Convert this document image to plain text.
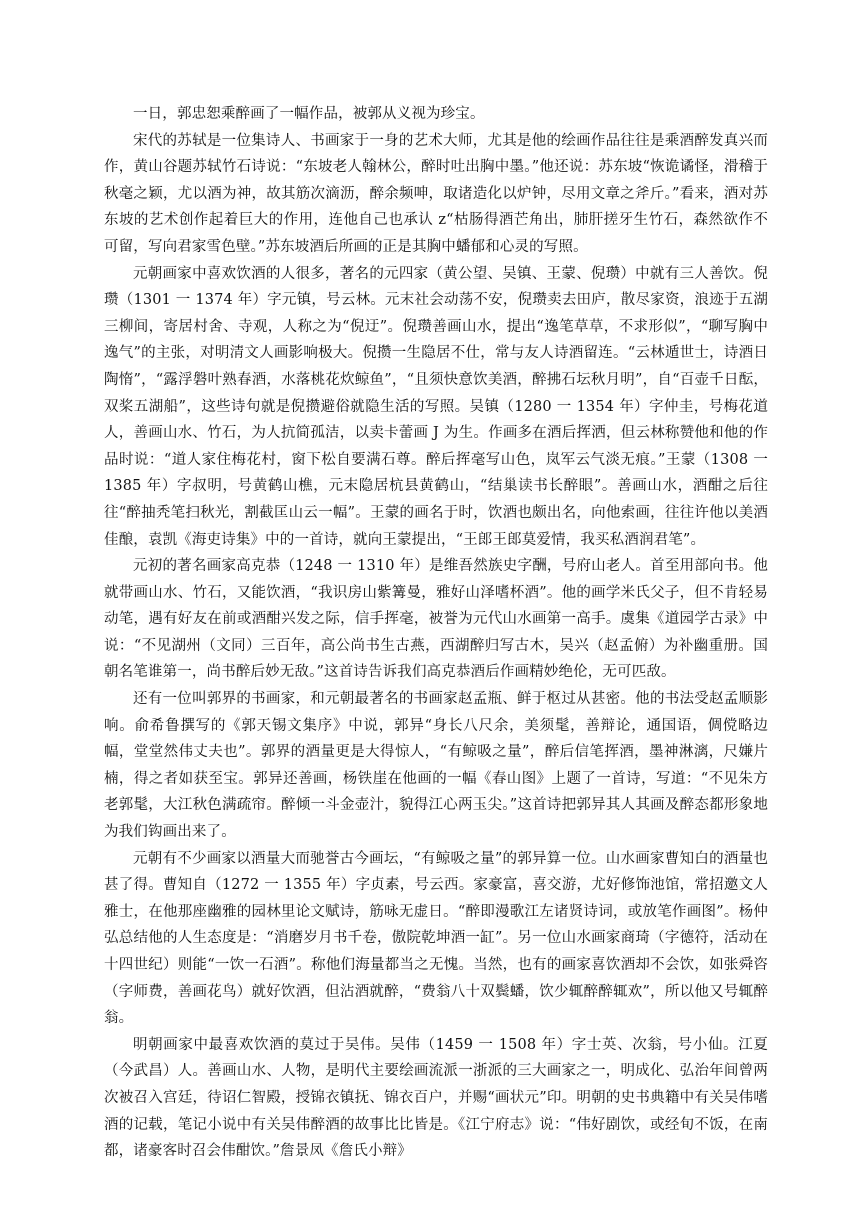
一日，郭忠恕乘醉画了一幅作品，被郭从义视为珍宝。

宋代的苏轼是一位集诗人、书画家于一身的艺术大师，尤其是他的绘画作品往往是乘酒醉发真兴而作，黄山谷题苏轼竹石诗说：“东坡老人翰林公，醉时吐出胸中墨。”他还说：苏东坡“恢诡谲怪，滑稽于秋毫之颖，尤以酒为神，故其筋次滴沥，醉余频呻，取诸造化以炉钟，尽用文章之斧斤。”看来，酒对苏东坡的艺术创作起着巨大的作用，连他自己也承认 z“枯肠得酒芒角出，肺肝搓牙生竹石，森然欲作不可留，写向君家雪色壁。”苏东坡酒后所画的正是其胸中蟠郁和心灵的写照。

元朝画家中喜欢饮酒的人很多，著名的元四家（黄公望、吴镇、王蒙、倪瓒）中就有三人善饮。倪瓒（1301 一 1374 年）字元镇，号云林。元末社会动荡不安，倪瓒卖去田庐，散尽家资，浪迹于五湖三柳间，寄居村舍、寺观，人称之为“倪迂”。倪瓒善画山水，提出“逸笔草草，不求形似”，“聊写胸中逸气”的主张，对明清文人画影响极大。倪攒一生隐居不仕，常与友人诗酒留连。“云林遁世士，诗酒日陶惰”，“露浮磐叶熟春酒，水落桃花炊鲸鱼”，“且须快意饮美酒，醉拂石坛秋月明”，自“百壶千日酝，双桨五湖船”，这些诗句就是倪攒避俗就隐生活的写照。吴镇（1280 一 1354 年）字仲圭，号梅花道人，善画山水、竹石，为人抗简孤洁，以卖卡蕾画 J 为生。作画多在酒后挥洒，但云林称赞他和他的作品时说：“道人家住梅花村，窗下松自要满石尊。醉后挥毫写山色，岚军云气淡无痕。”王蒙（1308 一 1385 年）字叔明，号黄鹤山樵，元末隐居杭县黄鹤山，“结巢读书长醉眼”。善画山水，酒酣之后往往“醉抽秃笔扫秋光，割截匡山云一幅”。王蒙的画名于时，饮酒也颇出名，向他索画，往往许他以美酒佳酿，袁凯《海吏诗集》中的一首诗，就向王蒙提出，“王郎王郎莫爱情，我买私酒润君笔”。

元初的著名画家高克恭（1248 一 1310 年）是维吾然族史字酬，号府山老人。首至用部向书。他就带画山水、竹石，又能饮酒，“我识房山紫篝曼，雅好山泽嗜杯酒”。他的画学米氏父子，但不肯轻易动笔，遇有好友在前或酒酣兴发之际，信手挥毫，被誉为元代山水画第一高手。虞集《道园学古录》中说：“不见湖州（文同）三百年，高公尚书生古燕，西湖醉归写古木，吴兴（赵孟俯）为补幽重册。国朝名笔谁第一，尚书醉后妙无敌。”这首诗告诉我们高克恭酒后作画精妙绝伦，无可匹敌。

还有一位叫郭界的书画家，和元朝最著名的书画家赵孟瓶、鲜于枢过从甚密。他的书法受赵孟顺影响。俞希鲁撰写的《郭天锡文集序》中说，郭异“身长八尺余，美须髦，善辩论，通国语，倜傥略边幅，堂堂然伟丈夫也”。郭界的酒量更是大得惊人，“有鲸吸之量”，醉后信笔挥酒，墨神淋漓，尺嫌片楠，得之者如获至宝。郭异还善画，杨铁崖在他画的一幅《春山图》上题了一首诗，写道：“不见朱方老郭髦，大江秋色满疏帘。醉倾一斗金壶汁，貌得江心两玉尖。”这首诗把郭异其人其画及醉态都形象地为我们钩画出来了。

元朝有不少画家以酒量大而驰誉古今画坛，“有鲸吸之量”的郭异算一位。山水画家曹知白的酒量也甚了得。曹知自（1272 一 1355 年）字贞素，号云西。家豪富，喜交游，尤好修饰池馆，常招邀文人雅士，在他那座幽雅的园林里论文赋诗，筋咏无虚日。“醉即漫歌江左诸贤诗词，或放笔作画图”。杨仲弘总结他的人生态度是：“消磨岁月书千卷，傲院乾坤酒一缸”。另一位山水画家商琦（字德符，活动在十四世纪）则能“一饮一石酒”。称他们海量都当之无愧。当然，也有的画家喜饮酒却不会饮，如张舜咨（字师费，善画花鸟）就好饮酒，但沾酒就醉，“费翁八十双鬓蟠，饮少辄醉醉辄欢”，所以他又号辄醉翁。

明朝画家中最喜欢饮酒的莫过于吴伟。吴伟（1459 一 1508 年）字士英、次翁，号小仙。江夏（今武昌）人。善画山水、人物，是明代主要绘画流派一浙派的三大画家之一，明成化、弘治年间曾两次被召入宫廷，待诏仁智殿，授锦衣镇抚、锦衣百户，并赐“画状元”印。明朝的史书典籍中有关吴伟嗜酒的记载，笔记小说中有关吴伟醉酒的故事比比皆是。《江宁府志》说：“伟好剧饮，或经旬不饭，在南都，诸豪客时召会伟酣饮。”詹景凤《詹氏小辩》
